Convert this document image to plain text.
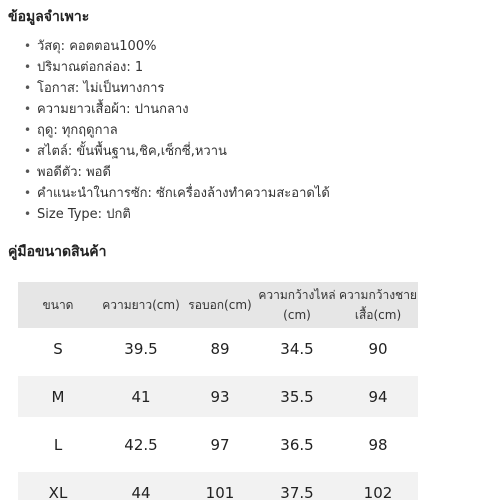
ข้อมูลจำเพาะ
• วัสดุ: คอตตอน100%
• ปริมาณต่อกล่อง: 1
• โอกาส: ไม่เป็นทางการ
• ความยาวเสื้อผ้า: ปานกลาง
• ฤดู: ทุกฤดูกาล
• สไตล์: ขั้นพื้นฐาน,ชิค,เซ็กซี่,หวาน
• พอดีตัว: พอดี
• คำแนะนำในการซัก: ซักเครื่องล้างทำความสะอาดได้
• Size Type: ปกติ
คู่มือขนาดสินค้า
ขนาด	ความยาว(cm)	รอบอก(cm)	ความกว้างไหล่ (cm)	ความกว้างชายเสื้อ(cm)
S	39.5	89	34.5	90

M	41	93	35.5	94

L	42.5	97	36.5	98

XL	44	101	37.5	102
